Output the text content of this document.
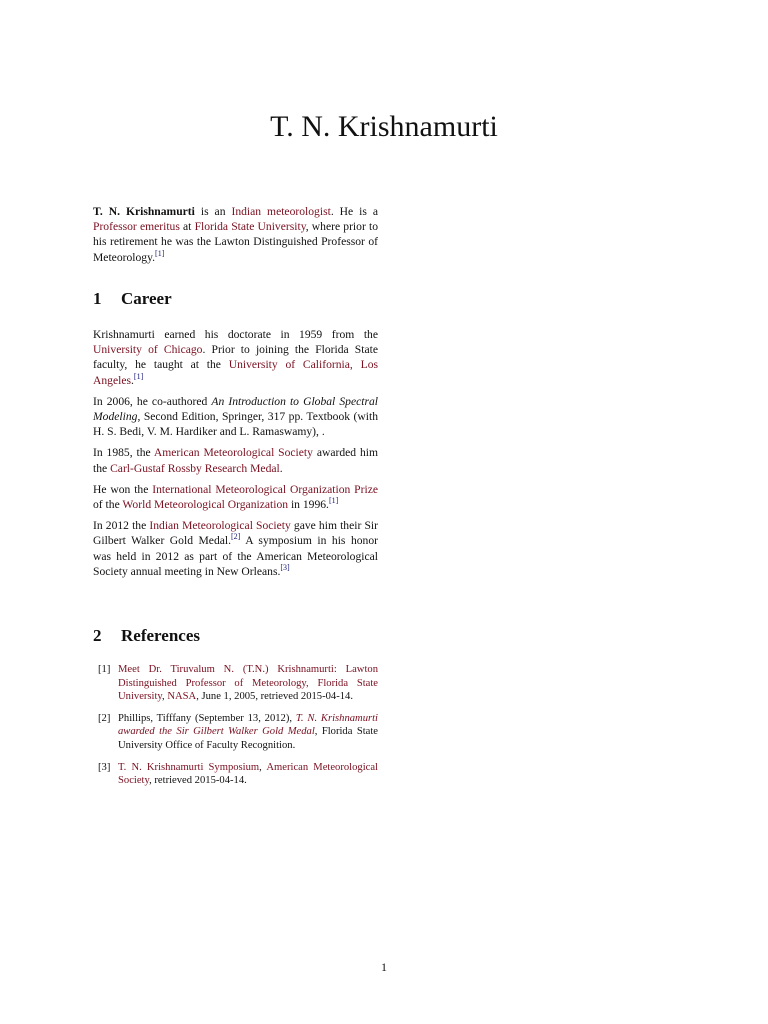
T. N. Krishnamurti

T. N. Krishnamurti is an Indian meteorologist. He is a Professor emeritus at Florida State University, where prior to his retirement he was the Lawton Distinguished Professor of Meteorology.[1]

1 Career

Krishnamurti earned his doctorate in 1959 from the University of Chicago. Prior to joining the Florida State faculty, he taught at the University of California, Los Angeles.[1]

In 2006, he co-authored An Introduction to Global Spectral Modeling, Second Edition, Springer, 317 pp. Textbook (with H. S. Bedi, V. M. Hardiker and L. Ramaswamy), .

In 1985, the American Meteorological Society awarded him the Carl-Gustaf Rossby Research Medal.

He won the International Meteorological Organization Prize of the World Meteorological Organization in 1996.[1]

In 2012 the Indian Meteorological Society gave him their Sir Gilbert Walker Gold Medal.[2] A symposium in his honor was held in 2012 as part of the American Meteorological Society annual meeting in New Orleans.[3]

2 References
[1] Meet Dr. Tiruvalum N. (T.N.) Krishnamurti: Lawton Distinguished Professor of Meteorology, Florida State University, NASA, June 1, 2005, retrieved 2015-04-14.
[2] Phillips, Tifffany (September 13, 2012), T. N. Krishnamurti awarded the Sir Gilbert Walker Gold Medal, Florida State University Office of Faculty Recognition.
[3] T. N. Krishnamurti Symposium, American Meteorological Society, retrieved 2015-04-14.
1
